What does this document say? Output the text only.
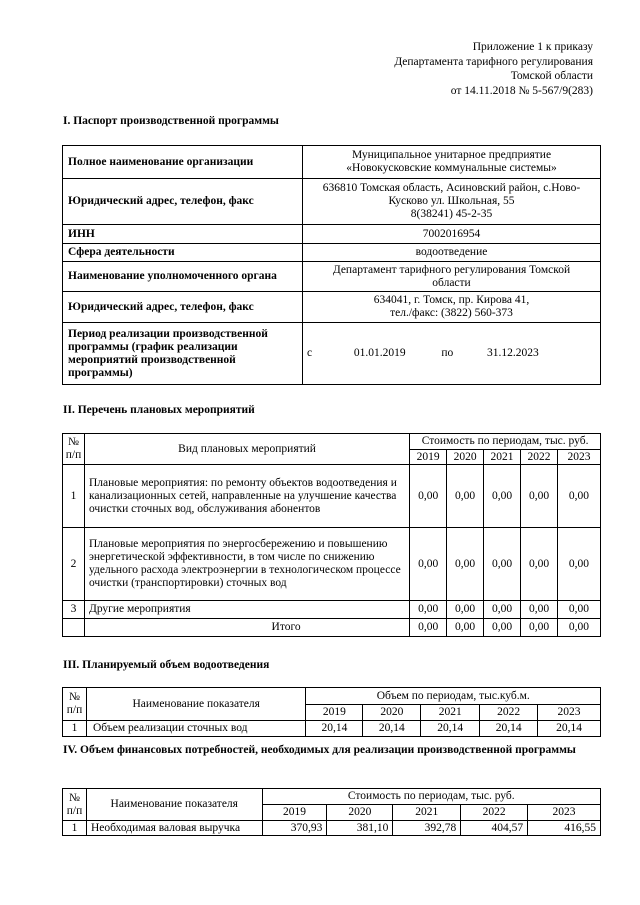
Приложение 1 к приказу
Департамента тарифного регулирования
Томской области
от 14.11.2018 № 5-567/9(283)
I. Паспорт производственной программы
Полное наименование организации	Муниципальное унитарное предприятие
«Новокусковские коммунальные системы»

Юридический адрес, телефон, факс	636810 Томская область, Асиновский район, с.Ново-
Кусково ул. Школьная, 55
8(38241) 45-2-35

ИНН	7002016954
Сфера деятельности	водоотведение
Наименование уполномоченного органа	Департамент тарифного регулирования Томской
области

Юридический адрес, телефон, факс	634041, г. Томск, пр. Кирова 41,
тел./факс: (3822) 560-373

Период реализации производственной программы (график реализации мероприятий производственной программы)	с 01.01.2019 по 31.12.2023
II. Перечень плановых мероприятий
№ п/п	Вид плановых мероприятий	Стоимость по периодам, тыс. руб.				
		2019	2020	2021	2022	2023
1	Плановые мероприятия: по ремонту объектов водоотведения и канализационных сетей, направленные на улучшение качества очистки сточных вод, обслуживания абонентов	0,00	0,00	0,00	0,00	0,00
2	Плановые мероприятия по энергосбережению и повышению энергетической эффективности, в том числе по снижению удельного расхода электроэнергии в технологическом процессе очистки (транспортировки) сточных вод	0,00	0,00	0,00	0,00	0,00
3	Другие мероприятия	0,00	0,00	0,00	0,00	0,00
	Итого	0,00	0,00	0,00	0,00	0,00
III. Планируемый объем водоотведения
№ п/п	Наименование показателя	Объем по периодам, тыс.куб.м.				
		2019	2020	2021	2022	2023
1	Объем реализации сточных вод	20,14	20,14	20,14	20,14	20,14
IV. Объем финансовых потребностей, необходимых для реализации производственной программы
№ п/п	Наименование показателя	Стоимость по периодам, тыс. руб.				
		2019	2020	2021	2022	2023
1	Необходимая валовая выручка	370,93	381,10	392,78	404,57	416,55
